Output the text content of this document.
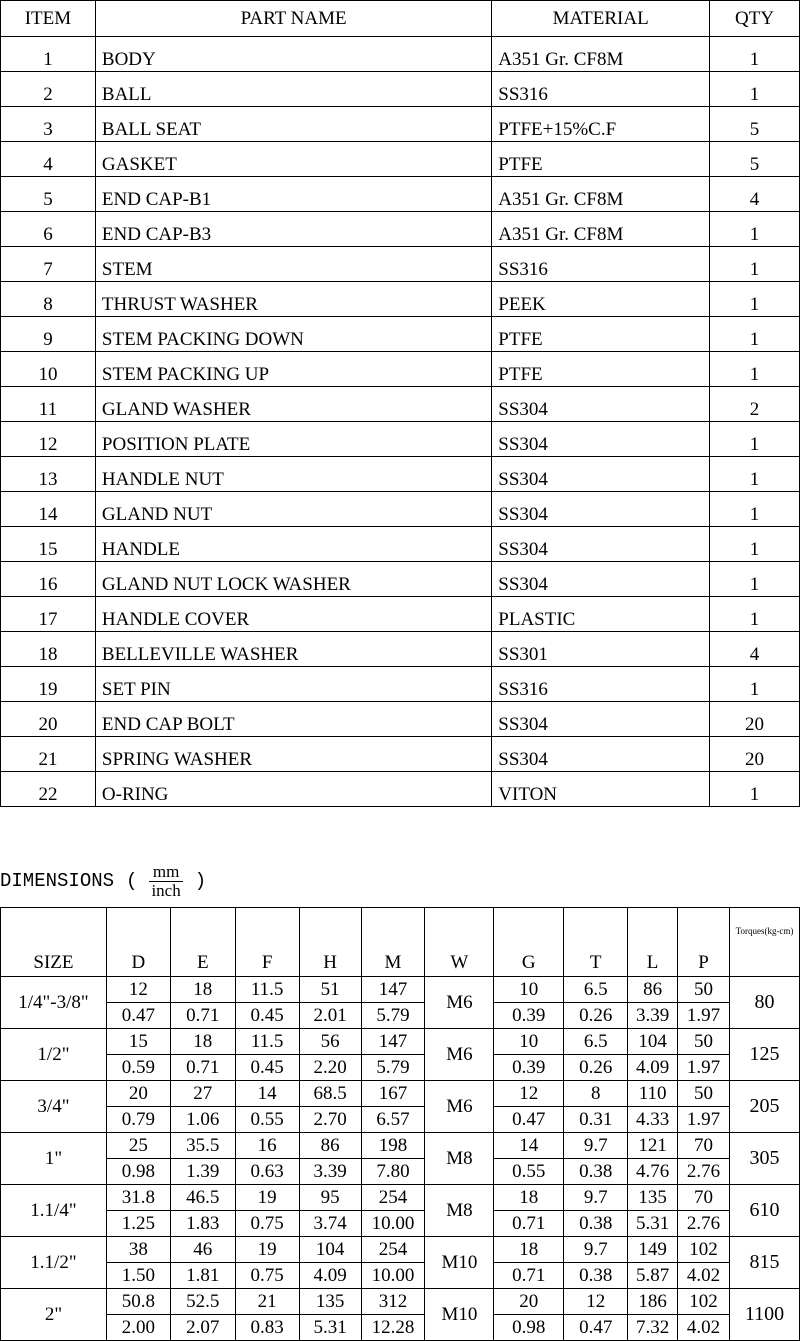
ITEM	PART NAME	MATERIAL	QTY
1	BODY	A351 Gr. CF8M	1
2	BALL	SS316	1
3	BALL SEAT	PTFE+15%C.F	5
4	GASKET	PTFE	5
5	END CAP-B1	A351 Gr. CF8M	4
6	END CAP-B3	A351 Gr. CF8M	1
7	STEM	SS316	1
8	THRUST WASHER	PEEK	1
9	STEM PACKING DOWN	PTFE	1
10	STEM PACKING UP	PTFE	1
11	GLAND WASHER	SS304	2
12	POSITION PLATE	SS304	1
13	HANDLE NUT	SS304	1
14	GLAND NUT	SS304	1
15	HANDLE	SS304	1
16	GLAND NUT LOCK WASHER	SS304	1
17	HANDLE COVER	PLASTIC	1
18	BELLEVILLE WASHER	SS301	4
19	SET PIN	SS316	1
20	END CAP BOLT	SS304	20
21	SPRING WASHER	SS304	20
22	O-RING	VITON	1
DIMENSIONS ( $\frac{mm}{\text{inch}}$ )
SIZE	D	E	F	H	M	W	G	T	L	P	Torques(kg-cm)
1/4"-3/8"	12	18	11.5	51	147	M6	10	6.5	86	50	80
	0.47	0.71	0.45	2.01	5.79		0.39	0.26	3.39	1.97	
1/2"	15	18	11.5	56	147	M6	10	6.5	104	50	125
	0.59	0.71	0.45	2.20	5.79		0.39	0.26	4.09	1.97	
3/4"	20	27	14	68.5	167	M6	12	8	110	50	205
	0.79	1.06	0.55	2.70	6.57		0.47	0.31	4.33	1.97	
1"	25	35.5	16	86	198	M8	14	9.7	121	70	305
	0.98	1.39	0.63	3.39	7.80		0.55	0.38	4.76	2.76	
1.1/4"	31.8	46.5	19	95	254	M8	18	9.7	135	70	610
	1.25	1.83	0.75	3.74	10.00		0.71	0.38	5.31	2.76	
1.1/2"	38	46	19	104	254	M10	18	9.7	149	102	815
	1.50	1.81	0.75	4.09	10.00		0.71	0.38	5.87	4.02	
2"	50.8	52.5	21	135	312	M10	20	12	186	102	1100
	2.00	2.07	0.83	5.31	12.28		0.98	0.47	7.32	4.02	
